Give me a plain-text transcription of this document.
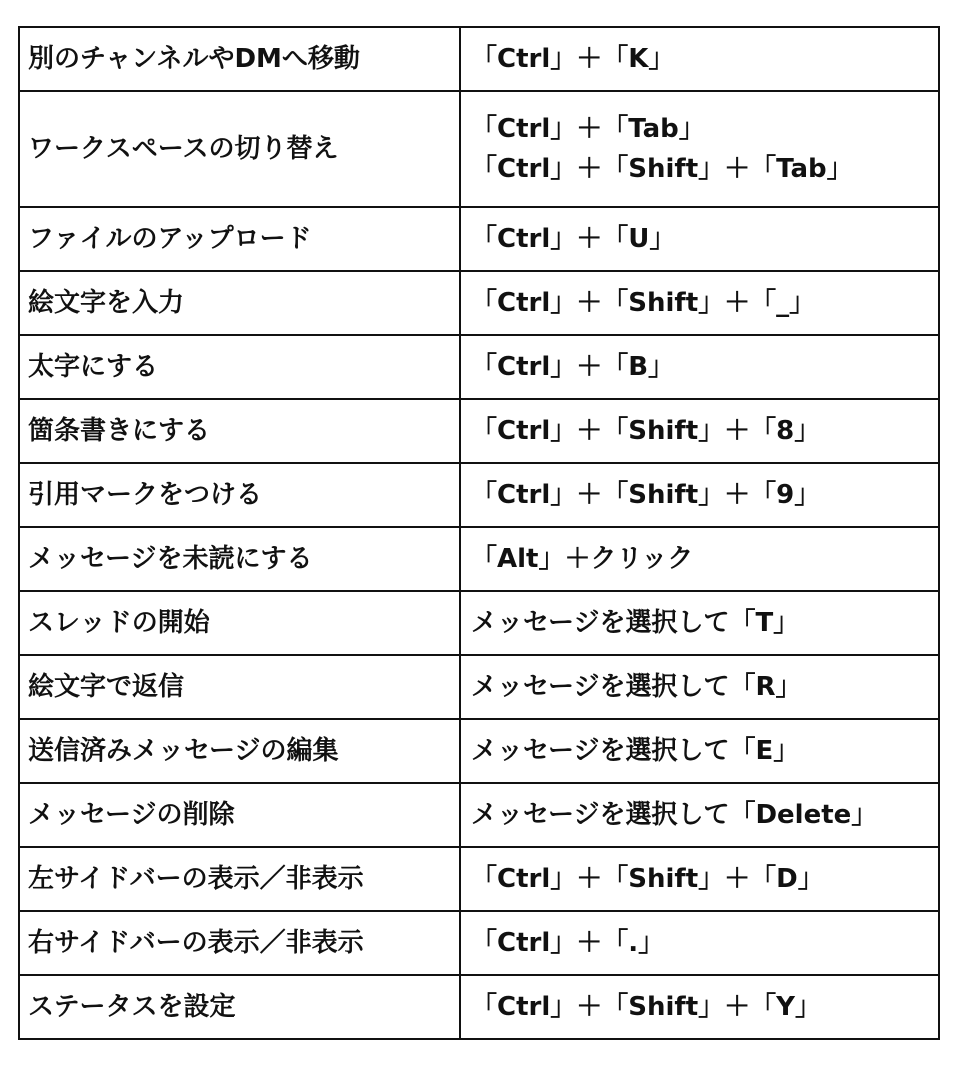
別のチャンネルやDMへ移動	「Ctrl」＋「K」

ワークスペースの切り替え	「Ctrl」＋「Tab」
「Ctrl」＋「Shift」＋「Tab」

ファイルのアップロード	「Ctrl」＋「U」

絵文字を入力	「Ctrl」＋「Shift」＋「_」

太字にする	「Ctrl」＋「B」

箇条書きにする	「Ctrl」＋「Shift」＋「8」

引用マークをつける	「Ctrl」＋「Shift」＋「9」

メッセージを未読にする	「Alt」＋クリック

スレッドの開始	メッセージを選択して「T」

絵文字で返信	メッセージを選択して「R」

送信済みメッセージの編集	メッセージを選択して「E」

メッセージの削除	メッセージを選択して「Delete」

左サイドバーの表示／非表示	「Ctrl」＋「Shift」＋「D」

右サイドバーの表示／非表示	「Ctrl」＋「.」

ステータスを設定	「Ctrl」＋「Shift」＋「Y」
